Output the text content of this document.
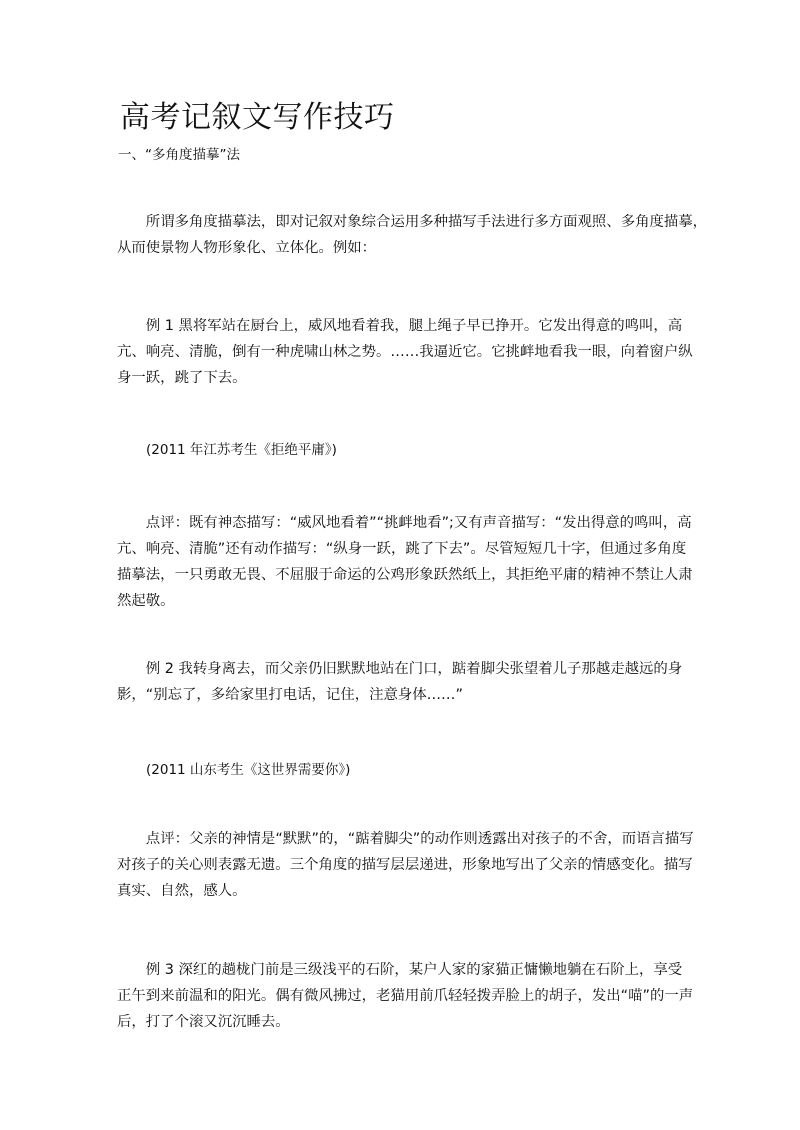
高考记叙文写作技巧
一、“多角度描摹”法
所谓多角度描摹法，即对记叙对象综合运用多种描写手法进行多方面观照、多角度描摹，
从而使景物人物形象化、立体化。例如：
例 1 黑将军站在厨台上，威风地看着我，腿上绳子早已挣开。它发出得意的鸣叫，高
亢、响亮、清脆，倒有一种虎啸山林之势。……我逼近它。它挑衅地看我一眼，向着窗户纵
身一跃，跳了下去。
(2011 年江苏考生《拒绝平庸》)
点评：既有神态描写：“威风地看着”“挑衅地看”;又有声音描写：“发出得意的鸣叫，高
亢、响亮、清脆”还有动作描写：“纵身一跃，跳了下去”。尽管短短几十字，但通过多角度
描摹法，一只勇敢无畏、不屈服于命运的公鸡形象跃然纸上，其拒绝平庸的精神不禁让人肃
然起敬。
例 2 我转身离去，而父亲仍旧默默地站在门口，踮着脚尖张望着儿子那越走越远的身
影，“别忘了，多给家里打电话，记住，注意身体……”
(2011 山东考生《这世界需要你》)
点评：父亲的神情是“默默”的，“踮着脚尖”的动作则透露出对孩子的不舍，而语言描写
对孩子的关心则表露无遗。三个角度的描写层层递进，形象地写出了父亲的情感变化。描写
真实、自然，感人。
例 3 深红的趟栊门前是三级浅平的石阶，某户人家的家猫正慵懒地躺在石阶上，享受
正午到来前温和的阳光。偶有微风拂过，老猫用前爪轻轻拨弄脸上的胡子，发出“喵”的一声
后，打了个滚又沉沉睡去。
